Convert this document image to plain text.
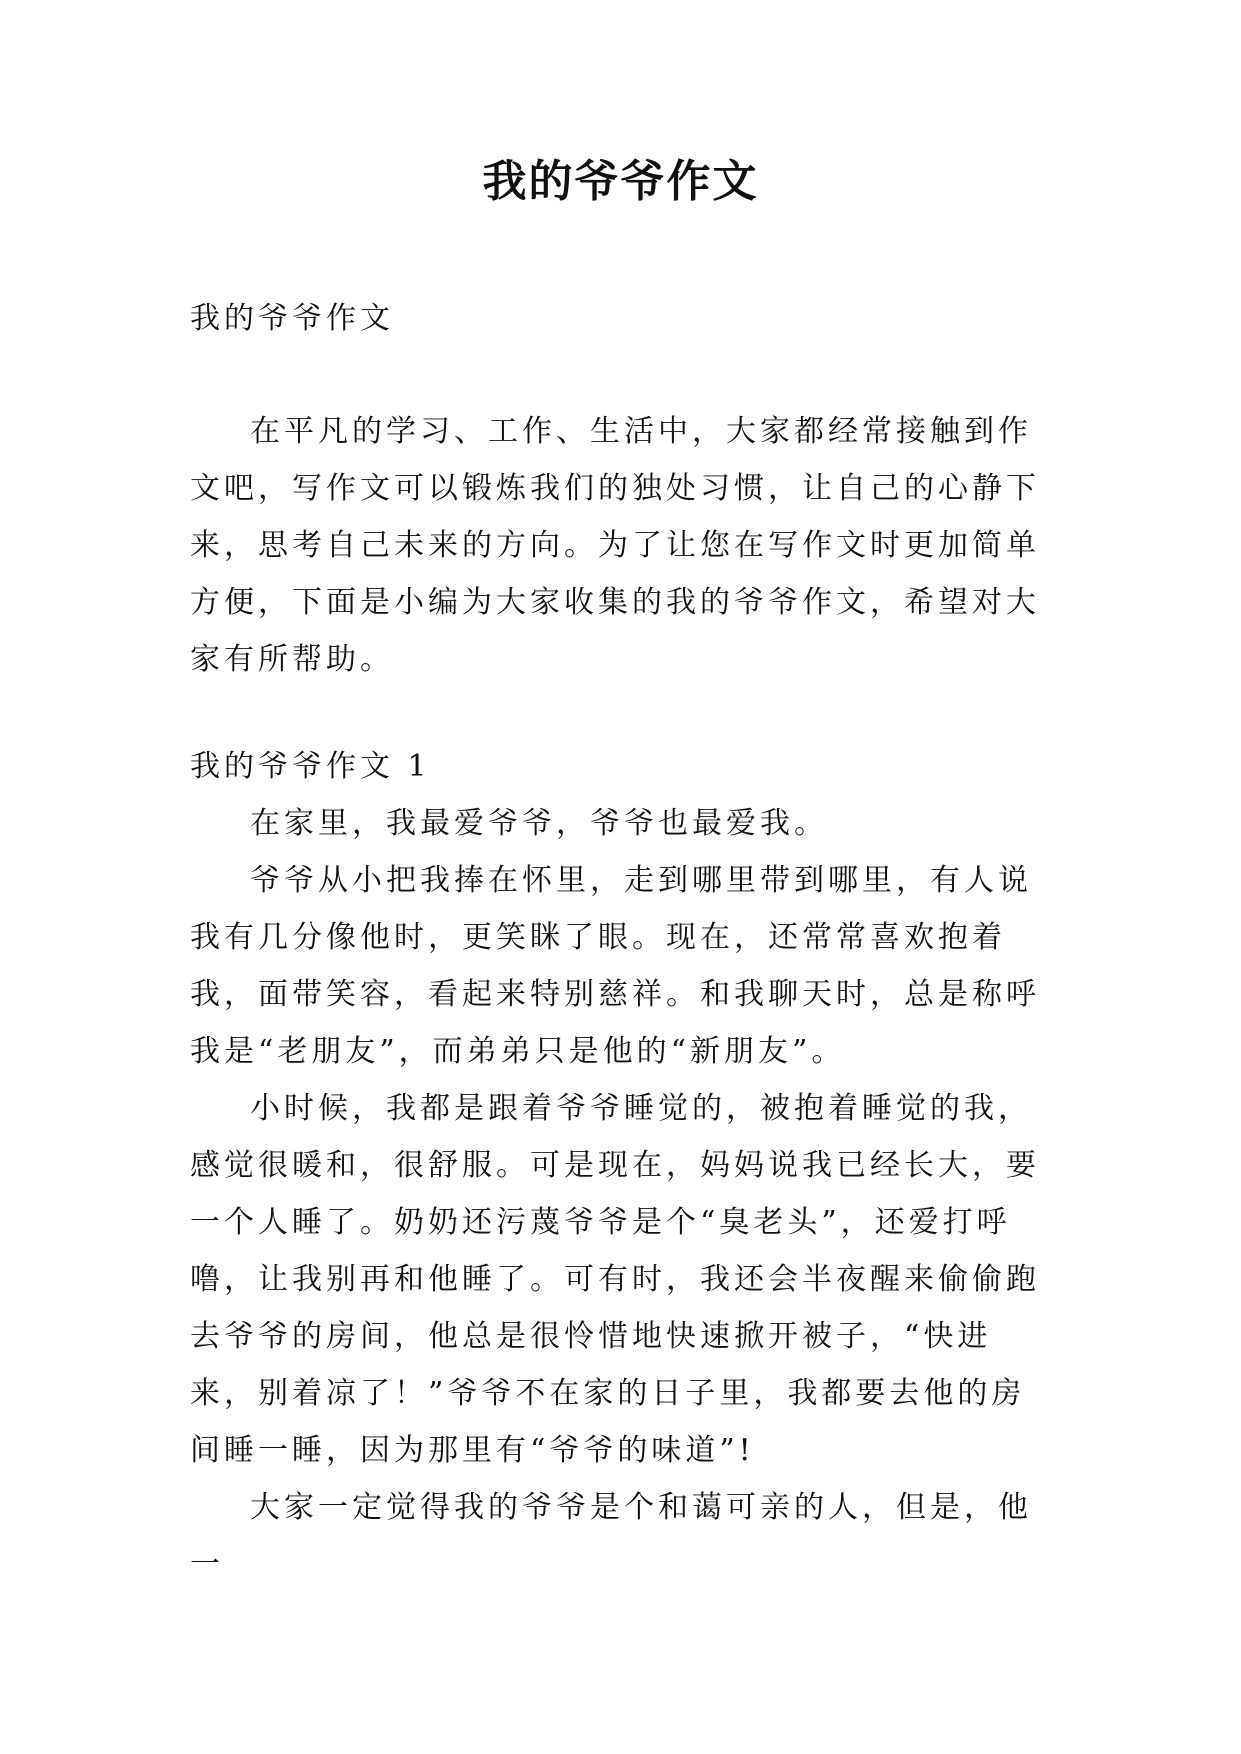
我的爷爷作文

我的爷爷作文

在平凡的学习、工作、生活中，大家都经常接触到作文吧，写作文可以锻炼我们的独处习惯，让自己的心静下来，思考自己未来的方向。为了让您在写作文时更加简单方便，下面是小编为大家收集的我的爷爷作文，希望对大家有所帮助。

我的爷爷作文 1

在家里，我最爱爷爷，爷爷也最爱我。

爷爷从小把我捧在怀里，走到哪里带到哪里，有人说我有几分像他时，更笑眯了眼。现在，还常常喜欢抱着我，面带笑容，看起来特别慈祥。和我聊天时，总是称呼我是“老朋友”，而弟弟只是他的“新朋友”。

小时候，我都是跟着爷爷睡觉的，被抱着睡觉的我，感觉很暖和，很舒服。可是现在，妈妈说我已经长大，要一个人睡了。奶奶还污蔑爷爷是个“臭老头”，还爱打呼噜，让我别再和他睡了。可有时，我还会半夜醒来偷偷跑去爷爷的房间，他总是很怜惜地快速掀开被子，“快进来，别着凉了！”爷爷不在家的日子里，我都要去他的房间睡一睡，因为那里有“爷爷的味道”!

大家一定觉得我的爷爷是个和蔼可亲的人，但是，他一
